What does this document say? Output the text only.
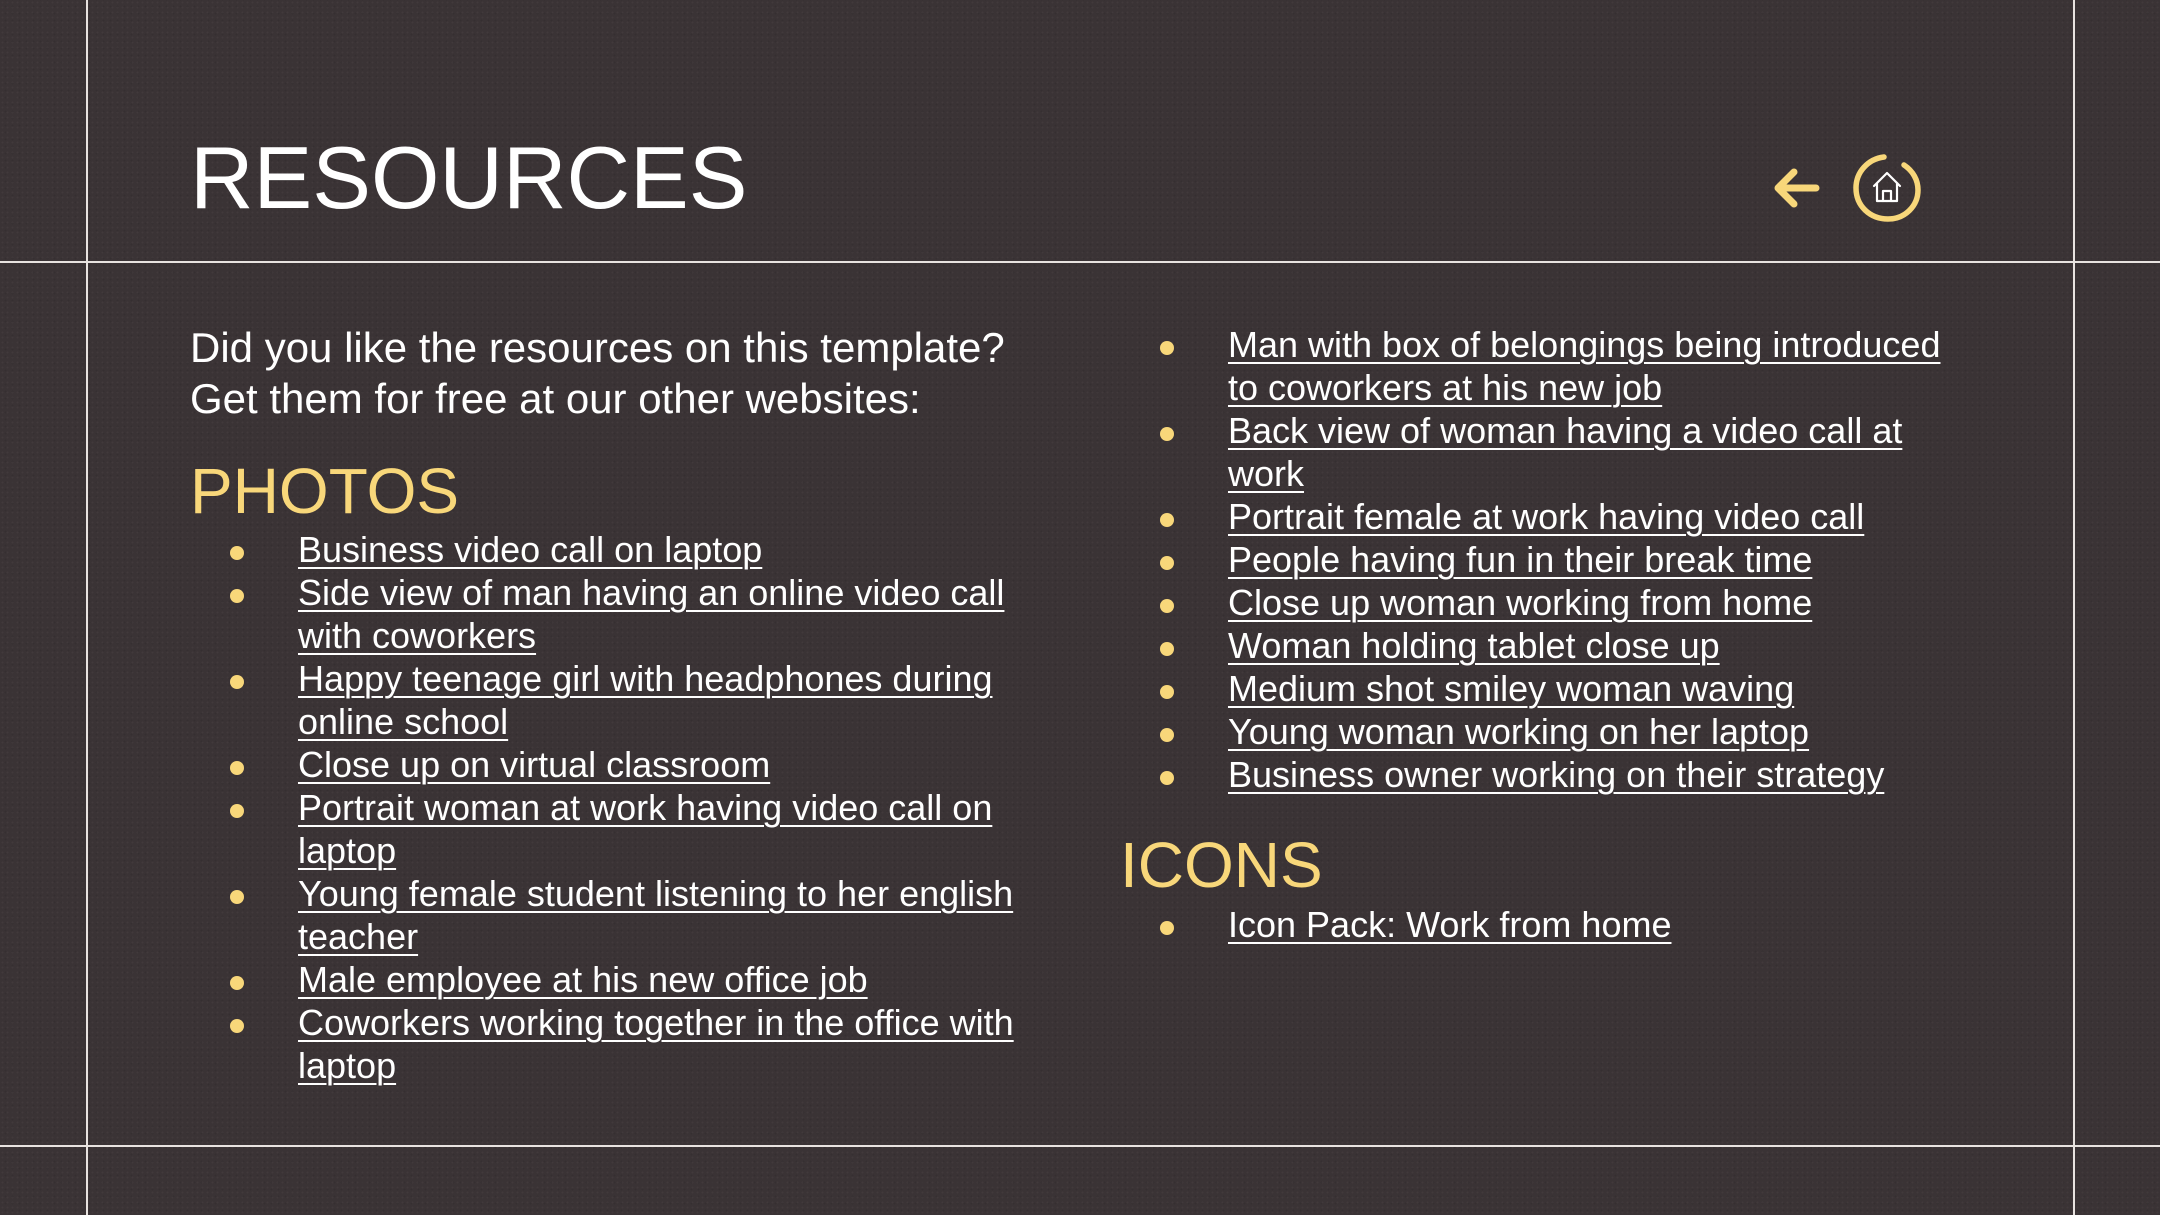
RESOURCES

Did you like the resources on this template?
Get them for free at our other websites:

PHOTOS
Business video call on laptop
Side view of man having an online video call with coworkers
Happy teenage girl with headphones during online school
Close up on virtual classroom
Portrait woman at work having video call on laptop
Young female student listening to her english teacher
Male employee at his new office job
Coworkers working together in the office with laptop
Man with box of belongings being introduced to coworkers at his new job
Back view of woman having a video call at work
Portrait female at work having video call
People having fun in their break time
Close up woman working from home
Woman holding tablet close up
Medium shot smiley woman waving
Young woman working on her laptop
Business owner working on their strategy
ICONS
Icon Pack: Work from home
